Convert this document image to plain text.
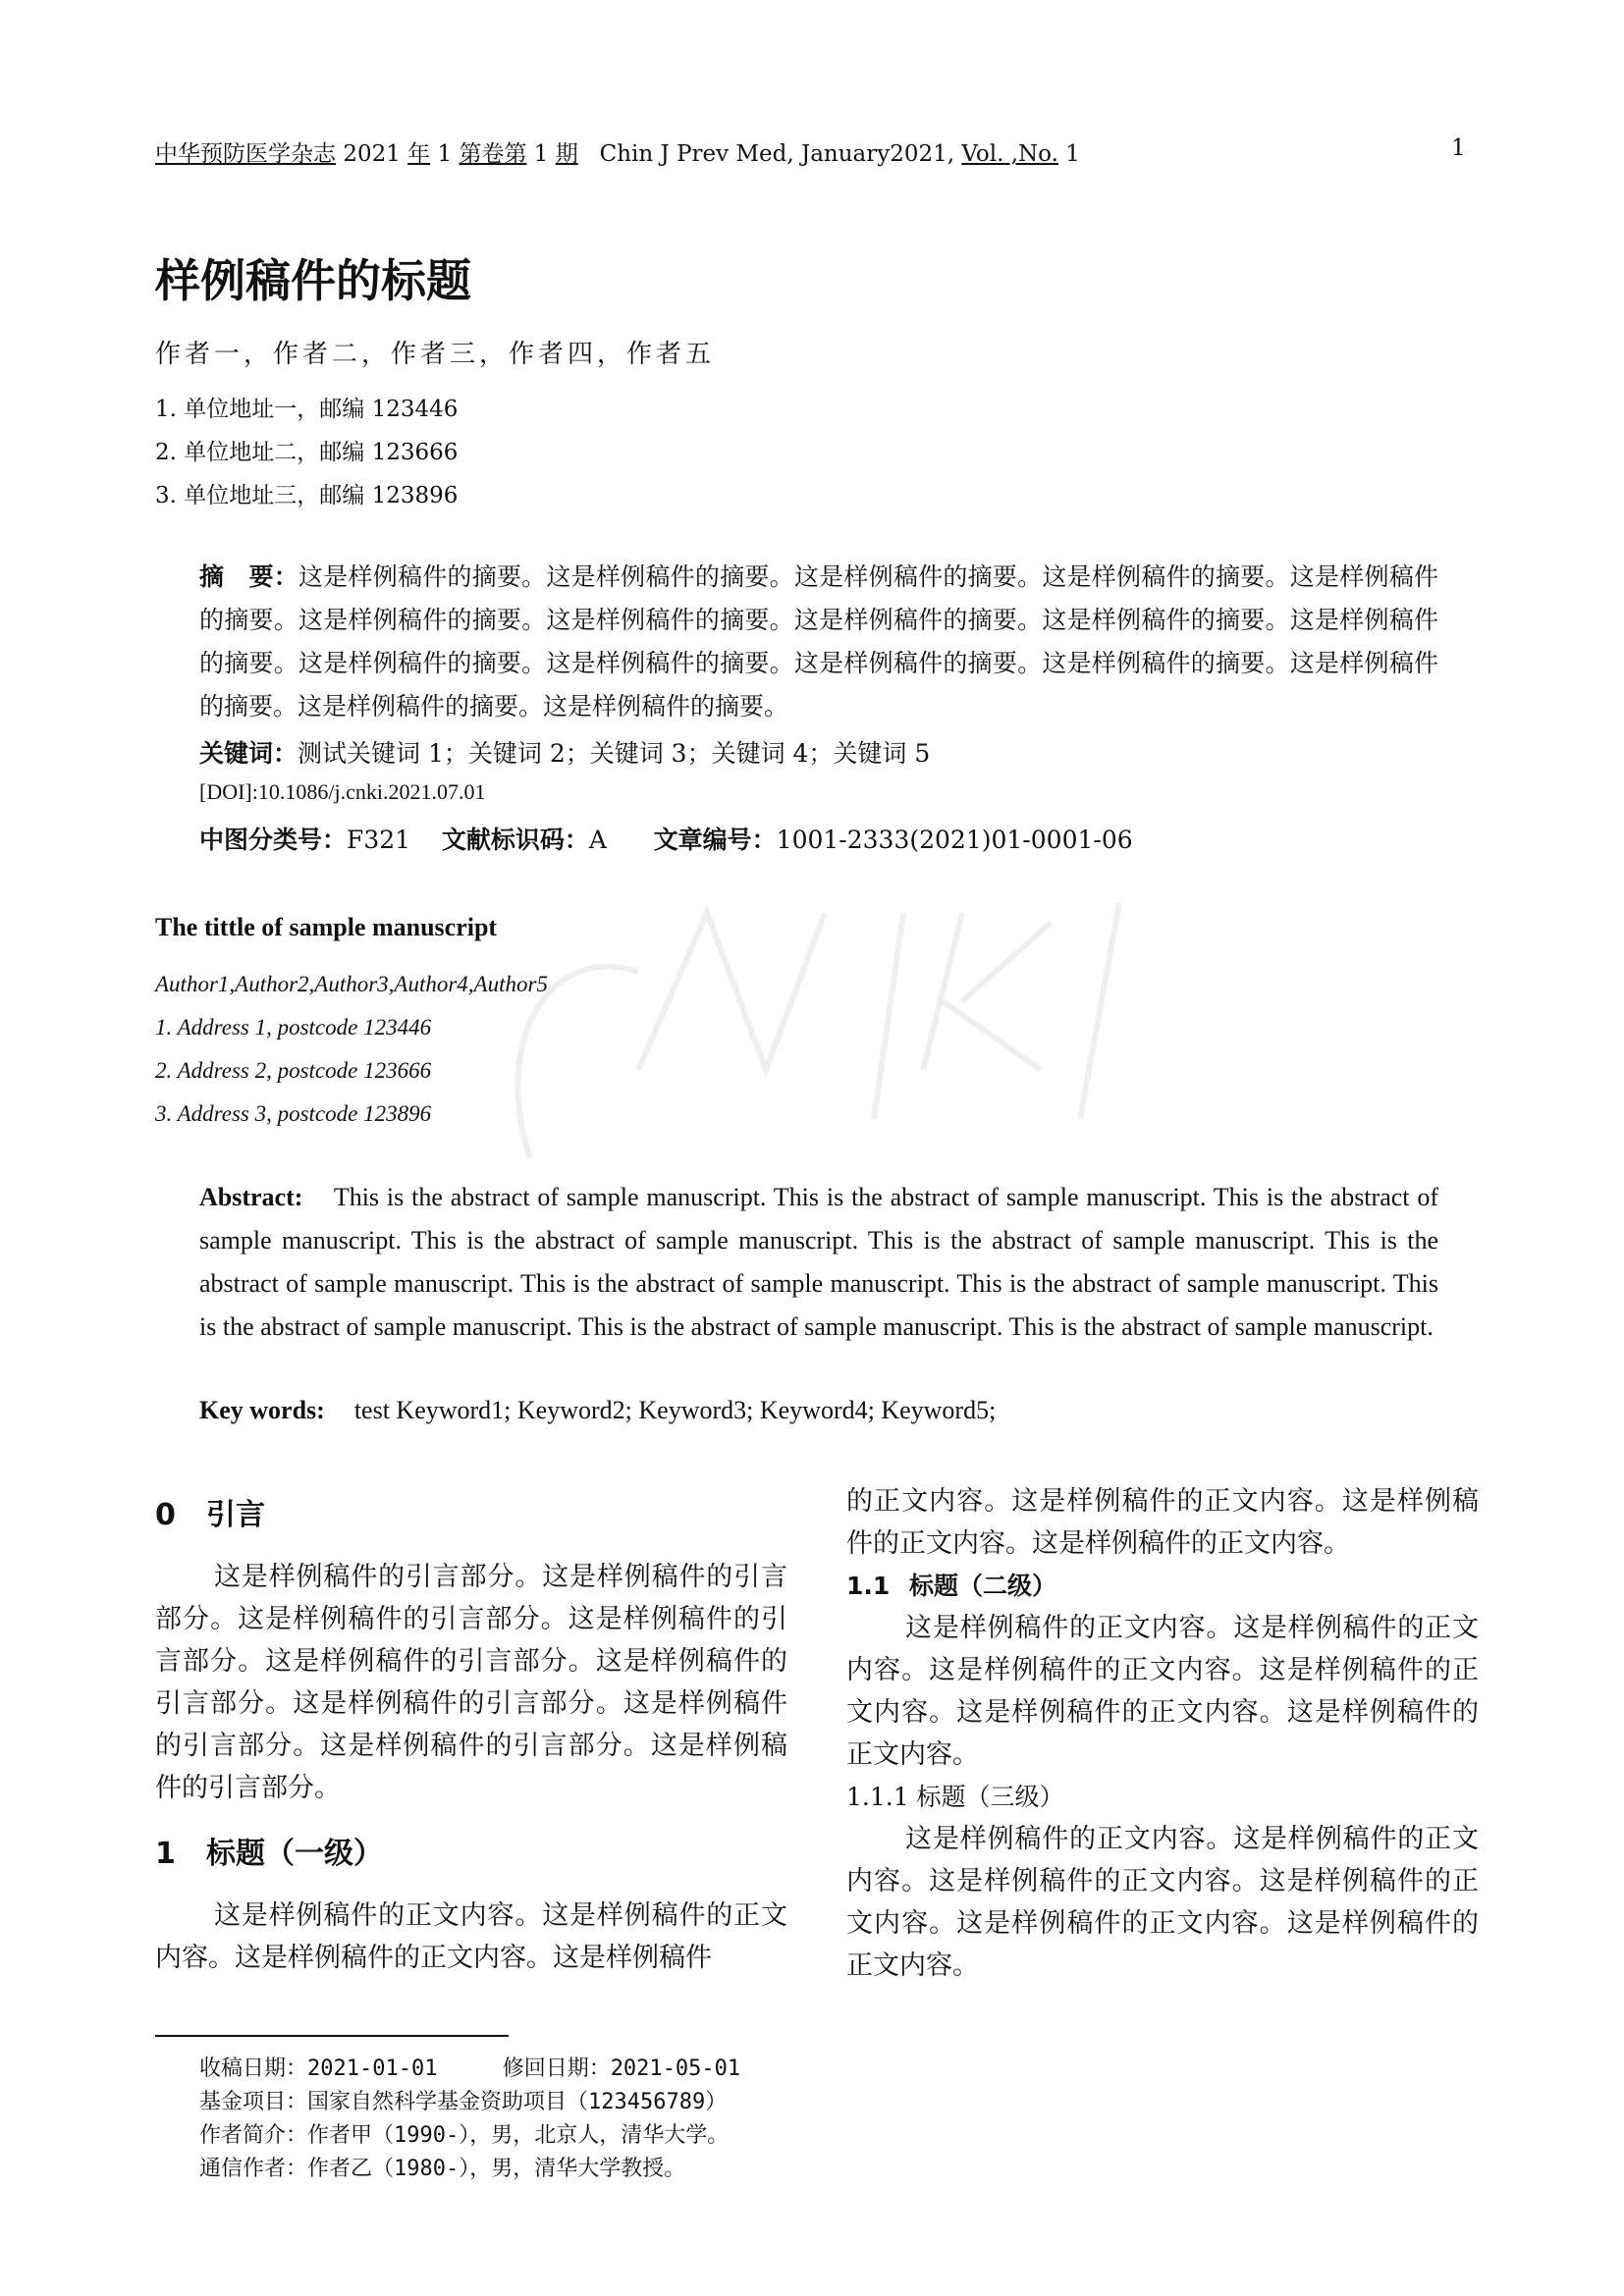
中华预防医学杂志 2021 年 1 第卷第 1 期 Chin J Prev Med, January2021, Vol. ,No. 1	1
样例稿件的标题
作者一，作者二，作者三，作者四，作者五
1. 单位地址一，邮编 123446
2. 单位地址二，邮编 123666
3. 单位地址三，邮编 123896
摘　要：这是样例稿件的摘要。这是样例稿件的摘要。这是样例稿件的摘要。这是样例稿件的摘要。这是样例稿件的摘要。这是样例稿件的摘要。这是样例稿件的摘要。这是样例稿件的摘要。这是样例稿件的摘要。这是样例稿件的摘要。这是样例稿件的摘要。这是样例稿件的摘要。这是样例稿件的摘要。这是样例稿件的摘要。这是样例稿件的摘要。这是样例稿件的摘要。这是样例稿件的摘要。
关键词：测试关键词 1；关键词 2；关键词 3；关键词 4；关键词 5
[DOI]:10.1086/j.cnki.2021.07.01
中图分类号：F321 文献标识码：A 文章编号：1001-2333(2021)01-0001-06
The tittle of sample manuscript
Author1,Author2,Author3,Author4,Author5
1. Address 1, postcode 123446
2. Address 2, postcode 123666
3. Address 3, postcode 123896
Abstract: This is the abstract of sample manuscript. This is the abstract of sample manuscript. This is the abstract of sample manuscript. This is the abstract of sample manuscript. This is the abstract of sample manuscript. This is the abstract of sample manuscript. This is the abstract of sample manuscript. This is the abstract of sample manuscript. This is the abstract of sample manuscript. This is the abstract of sample manuscript. This is the abstract of sample manuscript.
Key words: test Keyword1; Keyword2; Keyword3; Keyword4; Keyword5;
0 引言
这是样例稿件的引言部分。这是样例稿件的引言部分。这是样例稿件的引言部分。这是样例稿件的引言部分。这是样例稿件的引言部分。这是样例稿件的引言部分。这是样例稿件的引言部分。这是样例稿件的引言部分。这是样例稿件的引言部分。这是样例稿件的引言部分。
1 标题（一级）
这是样例稿件的正文内容。这是样例稿件的正文内容。这是样例稿件的正文内容。这是样例稿件
的正文内容。这是样例稿件的正文内容。这是样例稿件的正文内容。这是样例稿件的正文内容。
1.1 标题（二级）
这是样例稿件的正文内容。这是样例稿件的正文内容。这是样例稿件的正文内容。这是样例稿件的正文内容。这是样例稿件的正文内容。这是样例稿件的正文内容。
1.1.1 标题（三级）
这是样例稿件的正文内容。这是样例稿件的正文内容。这是样例稿件的正文内容。这是样例稿件的正文内容。这是样例稿件的正文内容。这是样例稿件的正文内容。
收稿日期：2021-01-01	修回日期：2021-05-01
基金项目：国家自然科学基金资助项目（123456789）
作者简介：作者甲（1990-），男，北京人，清华大学。
通信作者：作者乙（1980-），男，清华大学教授。
